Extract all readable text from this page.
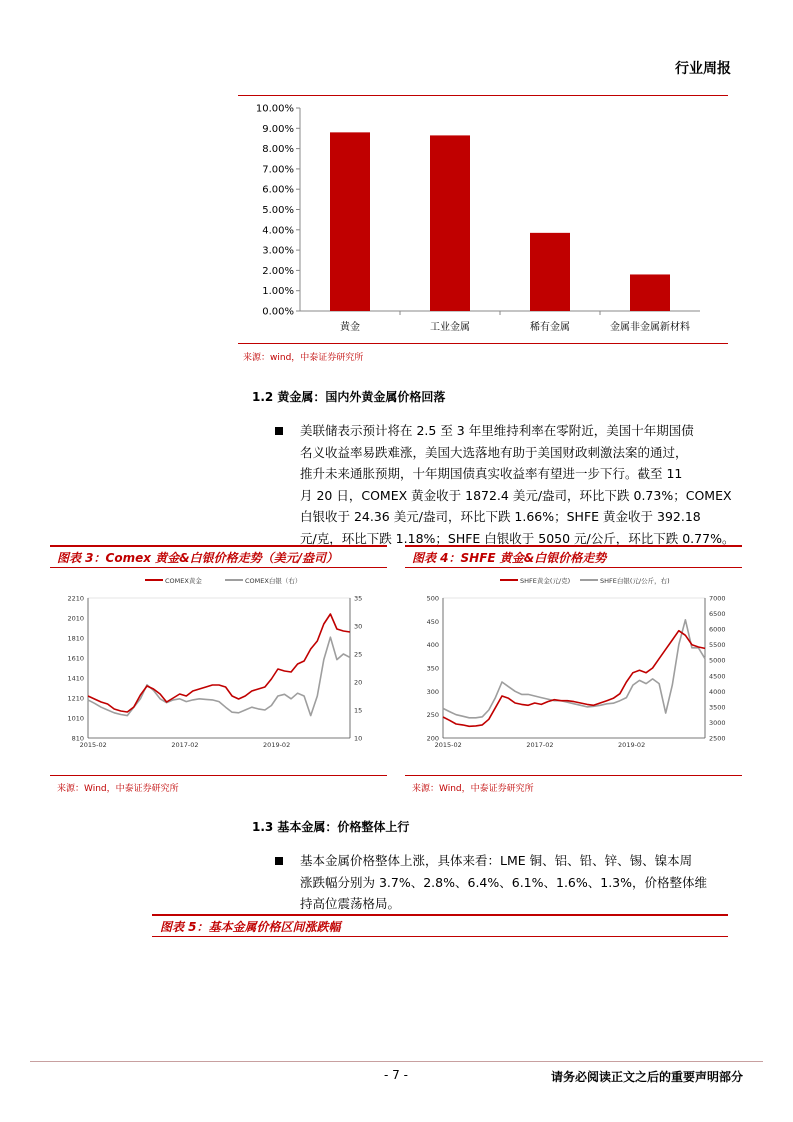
行业周报
0.00%
1.00%
2.00%
3.00%
4.00%
5.00%
6.00%
7.00%
8.00%
9.00%
10.00%
黄金	工业金属	稀有金属	金属非金属新材料
来源：wind，中泰证券研究所
1.2 黄金属：国内外黄金属价格回落
美联储表示预计将在 2.5 至 3 年里维持利率在零附近，美国十年期国债
名义收益率易跌难涨，美国大选落地有助于美国财政刺激法案的通过，
推升未来通胀预期，十年期国债真实收益率有望进一步下行。截至 11
月 20 日，COMEX 黄金收于 1872.4 美元/盎司，环比下跌 0.73%；COMEX
白银收于 24.36 美元/盎司，环比下跌 1.66%；SHFE 黄金收于 392.18
元/克，环比下跌 1.18%；SHFE 白银收于 5050 元/公斤，环比下跌 0.77%。
图表 3：Comex 黄金&白银价格走势（美元/盎司）	图表 4：SHFE 黄金&白银价格走势
COMEX黄金	COMEX白银（右）
810
1010
1210
1410
1610
1810
2010
2210
10
15
20
25
30
35
2015-02	2017-02	2019-02
SHFE黄金(元/克)	SHFE白银(元/公斤，右)
200
250
300
350
400
450
500
2500
3000
3500
4000
4500
5000
5500
6000
6500
7000
2015-02	2017-02	2019-02
来源：Wind，中泰证券研究所	来源：Wind，中泰证券研究所
1.3 基本金属：价格整体上行
基本金属价格整体上涨，具体来看：LME 铜、铝、铅、锌、锡、镍本周
涨跌幅分别为 3.7%、2.8%、6.4%、6.1%、1.6%、1.3%，价格整体维
持高位震荡格局。
图表 5：基本金属价格区间涨跌幅
- 7 -	请务必阅读正文之后的重要声明部分
